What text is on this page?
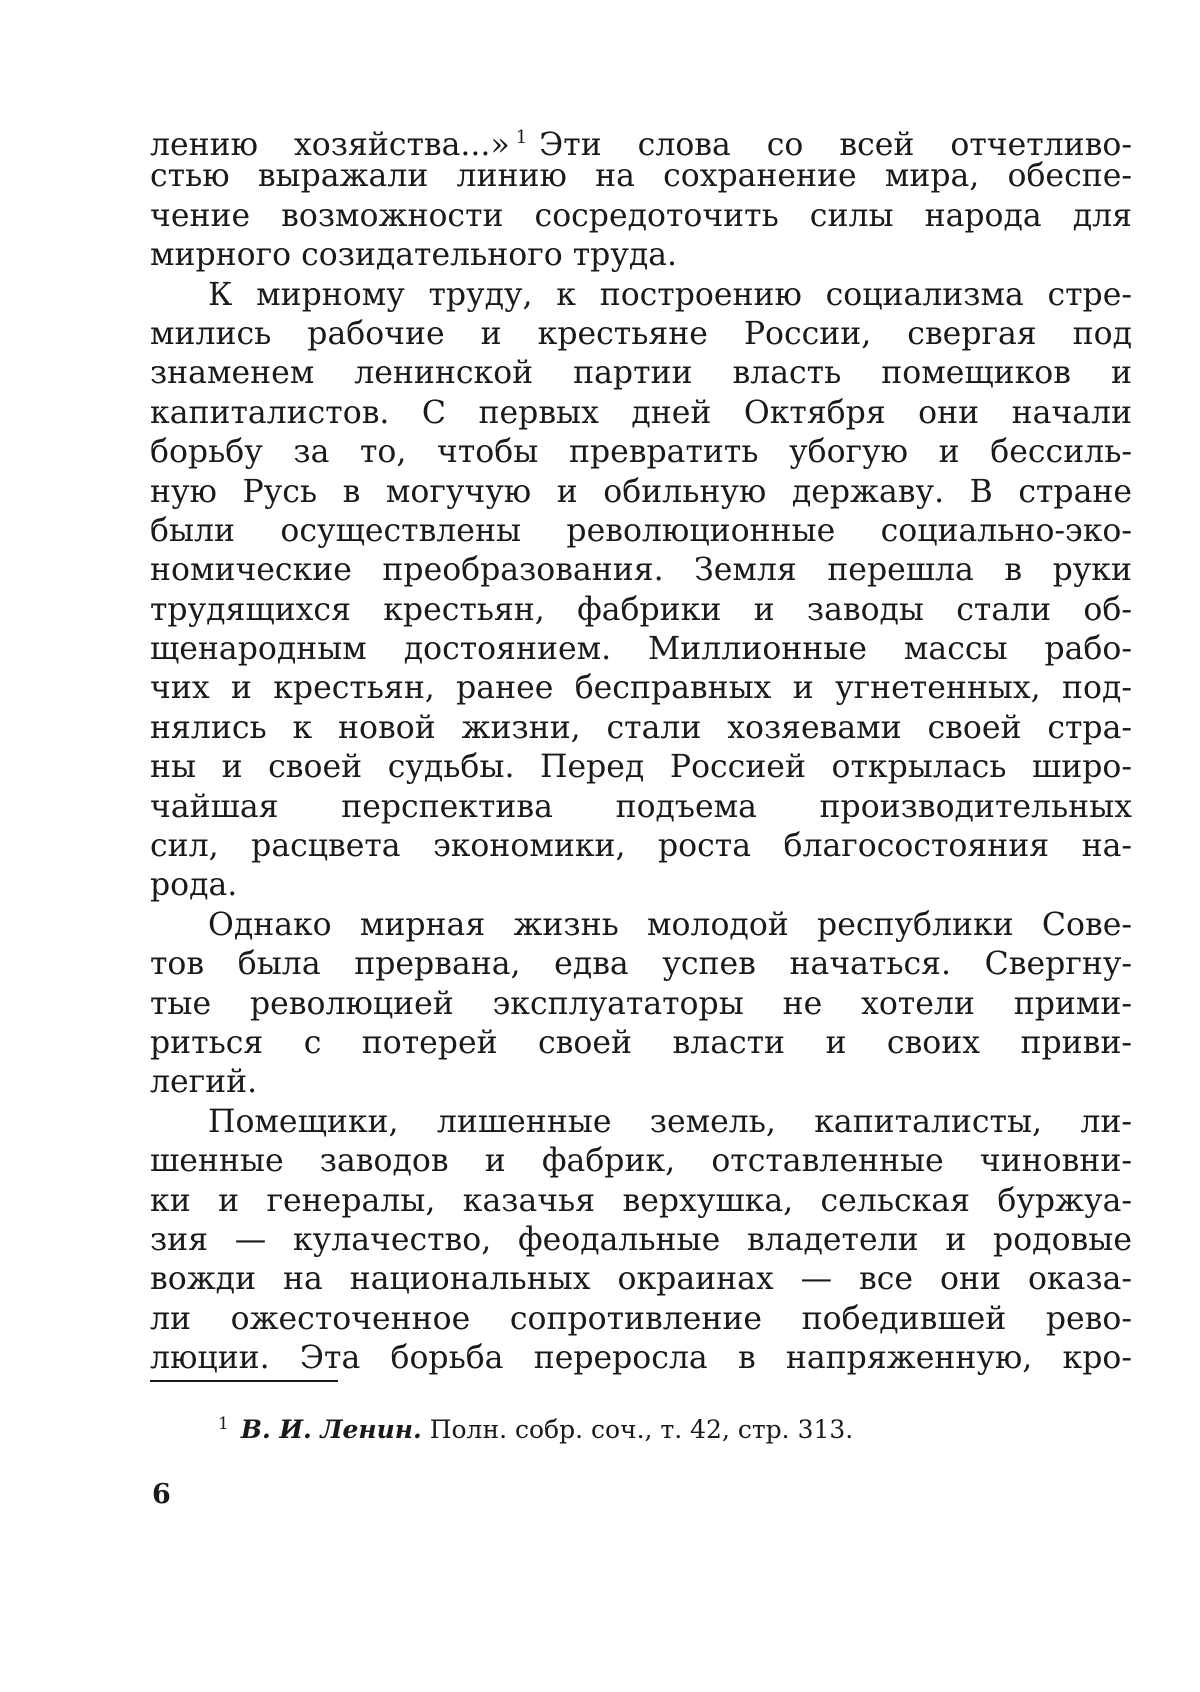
лению хозяйства...» $^1$ Эти слова со всей отчетливо-
стью выражали линию на сохранение мира, обеспе-
чение возможности сосредоточить силы народа для
мирного созидательного труда.
К мирному труду, к построению социализма стре-
мились рабочие и крестьяне России, свергая под
знаменем ленинской партии власть помещиков и
капиталистов. С первых дней Октября они начали
борьбу за то, чтобы превратить убогую и бессиль-
ную Русь в могучую и обильную державу. В стране
были осуществлены революционные социально-эко-
номические преобразования. Земля перешла в руки
трудящихся крестьян, фабрики и заводы стали об-
щенародным достоянием. Миллионные массы рабо-
чих и крестьян, ранее бесправных и угнетенных, под-
нялись к новой жизни, стали хозяевами своей стра-
ны и своей судьбы. Перед Россией открылась широ-
чайшая перспектива подъема производительных
сил, расцвета экономики, роста благосостояния на-
рода.
Однако мирная жизнь молодой республики Сове-
тов была прервана, едва успев начаться. Свергну-
тые революцией эксплуататоры не хотели прими-
риться с потерей своей власти и своих приви-
легий.
Помещики, лишенные земель, капиталисты, ли-
шенные заводов и фабрик, отставленные чиновни-
ки и генералы, казачья верхушка, сельская буржуа-
зия — кулачество, феодальные владетели и родовые
вожди на национальных окраинах — все они оказа-
ли ожесточенное сопротивление победившей рево-
люции. Эта борьба переросла в напряженную, кро-
$^1$ В. И. Ленин. Полн. собр. соч., т. 42, стр. 313.
6
